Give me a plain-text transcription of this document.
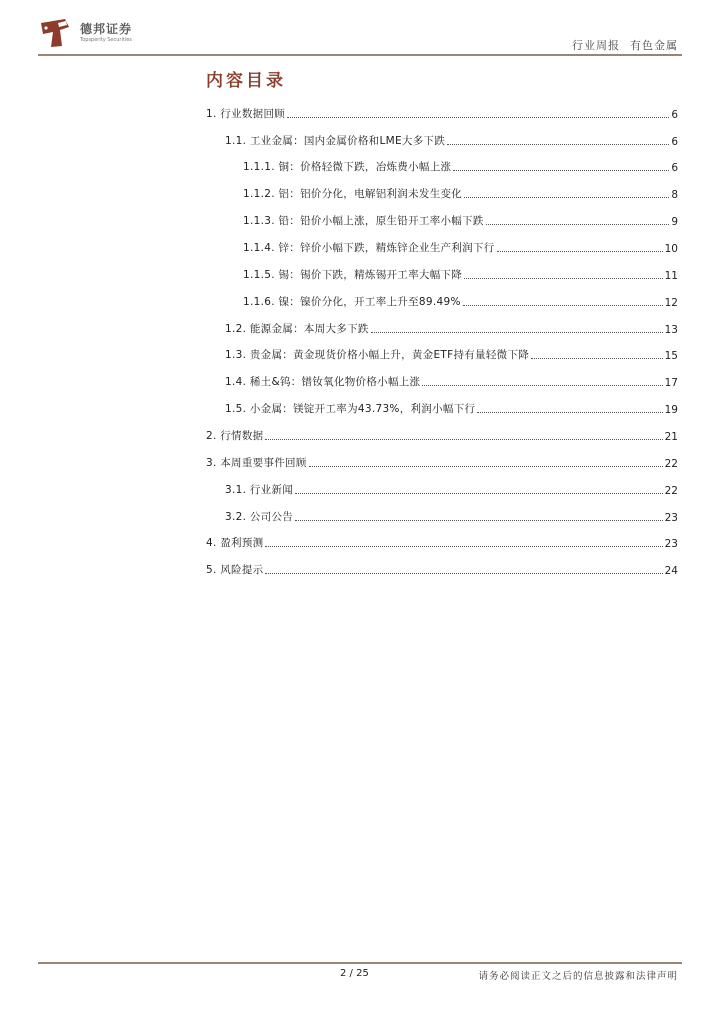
德邦证券
Topsperity Securities	行业周报 有色金属
内容目录
1. 行业数据回顾	6
1.1. 工业金属：国内金属价格和LME大多下跌	6
1.1.1. 铜：价格轻微下跌，冶炼费小幅上涨	6
1.1.2. 铝：铝价分化，电解铝利润未发生变化	8
1.1.3. 铅：铅价小幅上涨，原生铅开工率小幅下跌	9
1.1.4. 锌：锌价小幅下跌，精炼锌企业生产利润下行	10
1.1.5. 锡：锡价下跌，精炼锡开工率大幅下降	11
1.1.6. 镍：镍价分化，开工率上升至89.49%	12
1.2. 能源金属：本周大多下跌	13
1.3. 贵金属：黄金现货价格小幅上升，黄金ETF持有量轻微下降	15
1.4. 稀土&钨：镨钕氧化物价格小幅上涨	17
1.5. 小金属：镁锭开工率为43.73%，利润小幅下行	19
2. 行情数据	21
3. 本周重要事件回顾	22
3.1. 行业新闻	22
3.2. 公司公告	23
4. 盈利预测	23
5. 风险提示	24
2 / 25	请务必阅读正文之后的信息披露和法律声明
